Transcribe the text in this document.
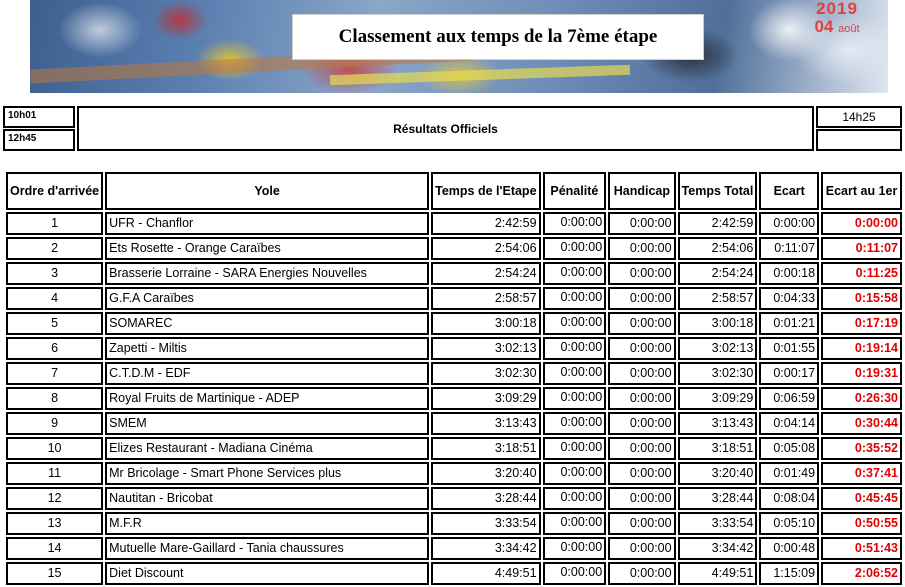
Classement aux temps de la 7ème étape
2019
04 août
10h01
12h45
Résultats Officiels
14h25
Ordre d'arrivée	Yole	Temps de l'Etape	Pénalité	Handicap	Temps Total	Ecart	Ecart au 1er
1	UFR - Chanflor	2:42:59	0:00:00	0:00:00	2:42:59	0:00:00	0:00:00
2	Ets Rosette - Orange Caraïbes	2:54:06	0:00:00	0:00:00	2:54:06	0:11:07	0:11:07
3	Brasserie Lorraine - SARA Energies Nouvelles	2:54:24	0:00:00	0:00:00	2:54:24	0:00:18	0:11:25
4	G.F.A Caraïbes	2:58:57	0:00:00	0:00:00	2:58:57	0:04:33	0:15:58
5	SOMAREC	3:00:18	0:00:00	0:00:00	3:00:18	0:01:21	0:17:19
6	Zapetti - Miltis	3:02:13	0:00:00	0:00:00	3:02:13	0:01:55	0:19:14
7	C.T.D.M - EDF	3:02:30	0:00:00	0:00:00	3:02:30	0:00:17	0:19:31
8	Royal Fruits de Martinique - ADEP	3:09:29	0:00:00	0:00:00	3:09:29	0:06:59	0:26:30
9	SMEM	3:13:43	0:00:00	0:00:00	3:13:43	0:04:14	0:30:44
10	Elizes Restaurant - Madiana Cinéma	3:18:51	0:00:00	0:00:00	3:18:51	0:05:08	0:35:52
11	Mr Bricolage - Smart Phone Services plus	3:20:40	0:00:00	0:00:00	3:20:40	0:01:49	0:37:41
12	Nautitan - Bricobat	3:28:44	0:00:00	0:00:00	3:28:44	0:08:04	0:45:45
13	M.F.R	3:33:54	0:00:00	0:00:00	3:33:54	0:05:10	0:50:55
14	Mutuelle Mare-Gaillard - Tania chaussures	3:34:42	0:00:00	0:00:00	3:34:42	0:00:48	0:51:43
15	Diet Discount	4:49:51	0:00:00	0:00:00	4:49:51	1:15:09	2:06:52
